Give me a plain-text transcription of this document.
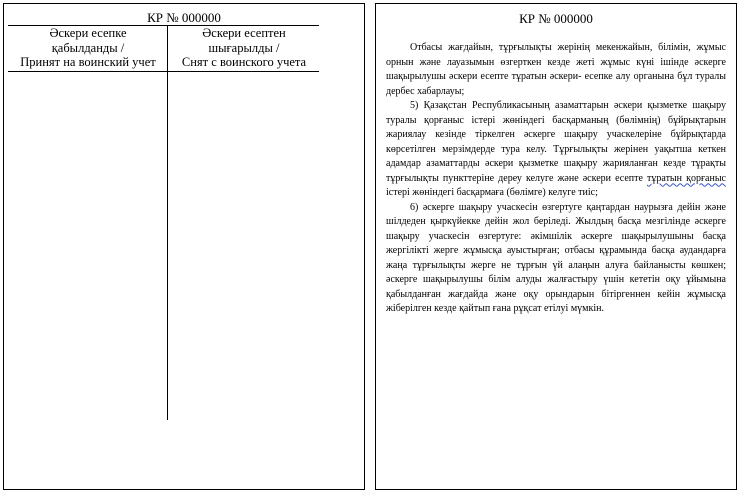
КР № 000000
Әскери есепке
қабылданды /
Принят на воинский учет
Әскери есептен
шығарылды /
Снят с воинского учета
КР № 000000

Отбасы жағдайын, тұрғылықты жерінің мекенжайын, білімін, жұмыс орнын және лауазымын өзгерткен кезде жеті жұмыс күні ішінде әскерге шақырылушы әскери есепте тұратын әскери- есепке алу органына бұл туралы дербес хабарлауы;

5) Қазақстан Республикасының азаматтарын әскери қызметке шақыру туралы қорғаныс істері жөніндегі басқарманың (бөлімнің) бұйрықтарын жариялау кезінде тіркелген әскерге шақыру учаскелеріне бұйрықтарда көрсетілген мерзімдерде тура келу. Тұрғылықты жерінен уақытша кеткен адамдар азаматтарды әскери қызметке шақыру жарияланған кезде тұрақты тұрғылықты пункттеріне дереу келуге және әскери есепте тұратын қорғаныс істері жөніндегі басқармаға (бөлімге) келуге тиіс;

6) әскерге шақыру учаскесін өзгертуге қаңтардан наурызға дейін және шілдеден қыркүйекке дейін жол беріледі. Жылдың басқа мезгілінде әскерге шақыру учаскесін өзгертуге: әкімшілік әскерге шақырылушыны басқа жергілікті жерге жұмысқа ауыстырған; отбасы құрамында басқа аудандарға жаңа тұрғылықты жерге не тұрғын үй алаңын алуға байланысты көшкен; әскерге шақырылушы білім алуды жалғастыру үшін кететін оқу ұйымына қабылданған жағдайда және оқу орындарын бітіргеннен кейін жұмысқа жіберілген кезде қайтып ғана рұқсат етілуі мүмкін.
